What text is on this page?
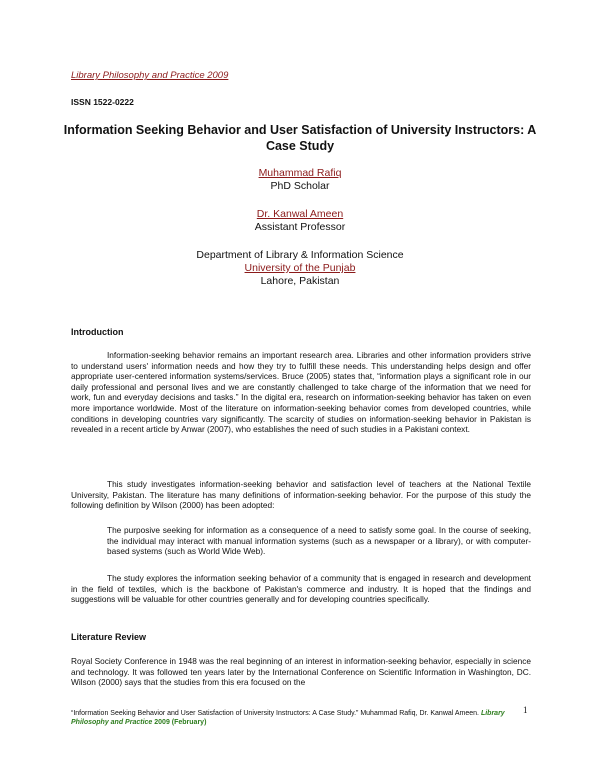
Library Philosophy and Practice 2009
ISSN 1522-0222
Information Seeking Behavior and User Satisfaction of University Instructors: A Case Study
Muhammad Rafiq
PhD Scholar
Dr. Kanwal Ameen
Assistant Professor
Department of Library & Information Science
University of the Punjab
Lahore, Pakistan
Introduction
Information-seeking behavior remains an important research area. Libraries and other information providers strive to understand users' information needs and how they try to fulfill these needs. This understanding helps design and offer appropriate user-centered information systems/services. Bruce (2005) states that, “information plays a significant role in our daily professional and personal lives and we are constantly challenged to take charge of the information that we need for work, fun and everyday decisions and tasks.” In the digital era, research on information-seeking behavior has taken on even more importance worldwide. Most of the literature on information-seeking behavior comes from developed countries, while conditions in developing countries vary significantly. The scarcity of studies on information-seeking behavior in Pakistan is revealed in a recent article by Anwar (2007), who establishes the need of such studies in a Pakistani context.
This study investigates information-seeking behavior and satisfaction level of teachers at the National Textile University, Pakistan. The literature has many definitions of information-seeking behavior. For the purpose of this study the following definition by Wilson (2000) has been adopted:
The purposive seeking for information as a consequence of a need to satisfy some goal. In the course of seeking, the individual may interact with manual information systems (such as a newspaper or a library), or with computer-based systems (such as World Wide Web).
The study explores the information seeking behavior of a community that is engaged in research and development in the field of textiles, which is the backbone of Pakistan's commerce and industry. It is hoped that the findings and suggestions will be valuable for other countries generally and for developing countries specifically.
Literature Review
Royal Society Conference in 1948 was the real beginning of an interest in information-seeking behavior, especially in science and technology. It was followed ten years later by the International Conference on Scientific Information in Washington, DC. Wilson (2000) says that the studies from this era focused on the
1
“Information Seeking Behavior and User Satisfaction of University Instructors: A Case Study.” Muhammad Rafiq, Dr. Kanwal Ameen. Library Philosophy and Practice 2009 (February)
